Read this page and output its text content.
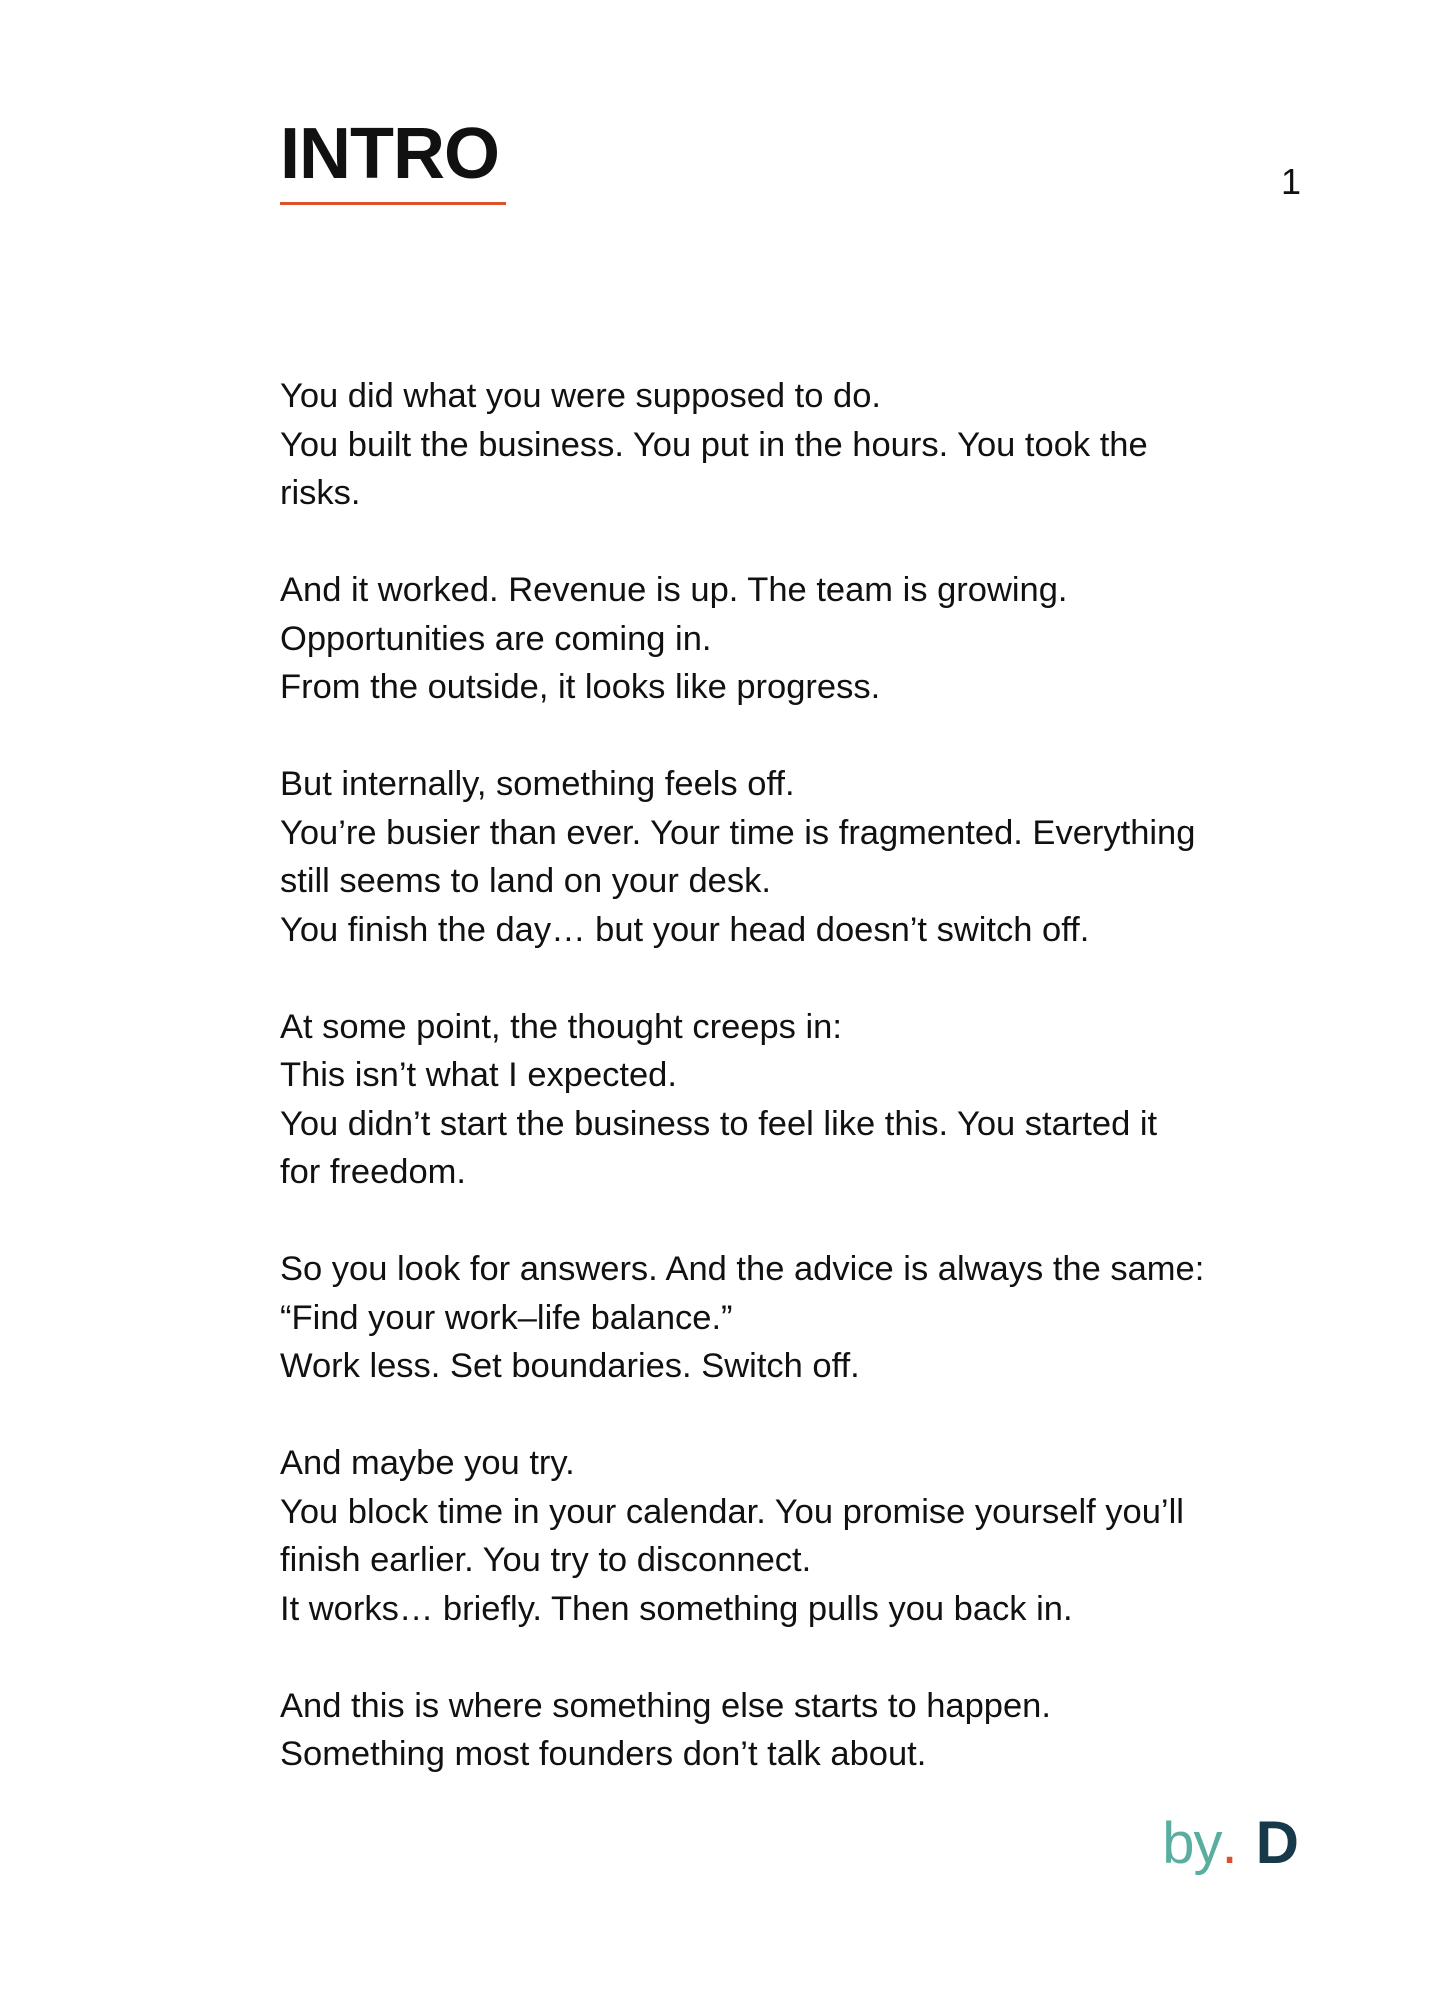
INTRO	1

You did what you were supposed to do.
You built the business. You put in the hours. You took the
risks.

And it worked. Revenue is up. The team is growing.
Opportunities are coming in.
From the outside, it looks like progress.

But internally, something feels off.
You’re busier than ever. Your time is fragmented. Everything
still seems to land on your desk.
You finish the day… but your head doesn’t switch off.

At some point, the thought creeps in:
This isn’t what I expected.
You didn’t start the business to feel like this. You started it
for freedom.

So you look for answers. And the advice is always the same:
“Find your work–life balance.”
Work less. Set boundaries. Switch off.

And maybe you try.
You block time in your calendar. You promise yourself you’ll
finish earlier. You try to disconnect.
It works… briefly. Then something pulls you back in.

And this is where something else starts to happen.
Something most founders don’t talk about.

by . D
